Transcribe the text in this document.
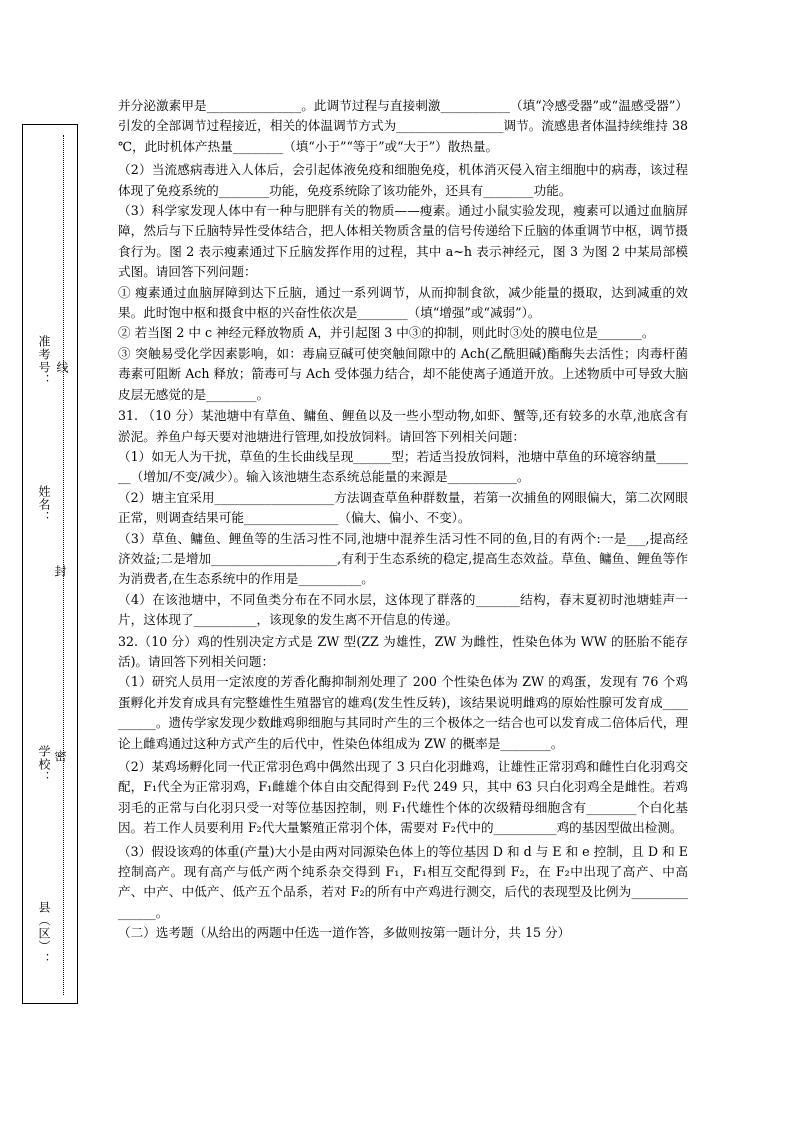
准考号： 线
姓名：
封
学校： 密
县（区）：

并分泌激素甲是_______________。此调节过程与直接刺激___________（填“冷感受器”或“温感受器”）引发的全部调节过程接近，相关的体温调节方式为_________________调节。流感患者体温持续维持 38 ℃，此时机体产热量________（填“小于”“等于”或“大于”）散热量。

（2）当流感病毒进入人体后，会引起体液免疫和细胞免疫，机体消灭侵入宿主细胞中的病毒，该过程体现了免疫系统的________功能，免疫系统除了该功能外，还具有________功能。

（3）科学家发现人体中有一种与肥胖有关的物质——瘦素。通过小鼠实验发现，瘦素可以通过血脑屏障，然后与下丘脑特异性受体结合，把人体相关物质含量的信号传递给下丘脑的体重调节中枢，调节摄食行为。图 2 表示瘦素通过下丘脑发挥作用的过程，其中 a~h 表示神经元，图 3 为图 2 中某局部模式图。请回答下列问题：

① 瘦素通过血脑屏障到达下丘脑，通过一系列调节，从而抑制食欲，减少能量的摄取，达到减重的效果。此时饱中枢和摄食中枢的兴奋性依次是________（填“增强”或“减弱”）。

② 若当图 2 中 c 神经元释放物质 A，并引起图 3 中③的抑制，则此时③处的膜电位是_______。

③ 突触易受化学因素影响，如：毒扁豆碱可使突触间隙中的 Ach(乙酰胆碱)酯酶失去活性；肉毒杆菌毒素可阻断 Ach 释放；箭毒可与 Ach 受体强力结合，却不能使离子通道开放。上述物质中可导致大脑皮层无感觉的是________。

31. （10 分）某池塘中有草鱼、鳙鱼、鲤鱼以及一些小型动物,如虾、蟹等,还有较多的水草,池底含有淤泥。养鱼户每天要对池塘进行管理,如投放饲料。请回答下列相关问题：

（1）如无人为干扰，草鱼的生长曲线呈现______型；若适当投放饲料，池塘中草鱼的环境容纳量_______（增加/不变/减少）。输入该池塘生态系统总能量的来源是___________。

（2）塘主宜采用___________________方法调查草鱼种群数量，若第一次捕鱼的网眼偏大，第二次网眼正常，则调查结果可能_______________（偏大、偏小、不变）。

（3）草鱼、鳙鱼、鲤鱼等的生活习性不同,池塘中混养生活习性不同的鱼,目的有两个:一是___,提高经济效益;二是增加____________________,有利于生态系统的稳定,提高生态效益。草鱼、鳙鱼、鲤鱼等作为消费者,在生态系统中的作用是__________。

（4）在该池塘中，不同鱼类分布在不同水层，这体现了群落的_______结构，春末夏初时池塘蛙声一片，这体现了__________，该现象的发生离不开信息的传递。

32.（10 分）鸡的性别决定方式是 ZW 型(ZZ 为雄性，ZW 为雌性，性染色体为 WW 的胚胎不能存活)。请回答下列相关问题：

（1）研究人员用一定浓度的芳香化酶抑制剂处理了 200 个性染色体为 ZW 的鸡蛋，发现有 76 个鸡蛋孵化并发育成具有完整雄性生殖器官的雄鸡(发生性反转)，该结果说明雌鸡的原始性腺可发育成__________。遗传学家发现少数雌鸡卵细胞与其同时产生的三个极体之一结合也可以发育成二倍体后代，理论上雌鸡通过这种方式产生的后代中，性染色体组成为 ZW 的概率是________。

（2）某鸡场孵化同一代正常羽色鸡中偶然出现了 3 只白化羽雌鸡，让雄性正常羽鸡和雌性白化羽鸡交配，F₁代全为正常羽鸡，F₁雌雄个体自由交配得到 F₂代 249 只，其中 63 只白化羽鸡全是雌性。若鸡羽毛的正常与白化羽只受一对等位基因控制，则 F₁代雄性个体的次级精母细胞含有________个白化基因。若工作人员要利用 F₂代大量繁殖正常羽个体，需要对 F₂代中的__________鸡的基因型做出检测。

（3）假设该鸡的体重(产量)大小是由两对同源染色体上的等位基因 D 和 d 与 E 和 e 控制，且 D 和 E 控制高产。现有高产与低产两个纯系杂交得到 F₁，F₁相互交配得到 F₂，在 F₂中出现了高产、中高产、中产、中低产、低产五个品系，若对 F₂的所有中产鸡进行测交，后代的表现型及比例为_______________。

（二）选考题（从给出的两题中任选一道作答，多做则按第一题计分，共 15 分）
